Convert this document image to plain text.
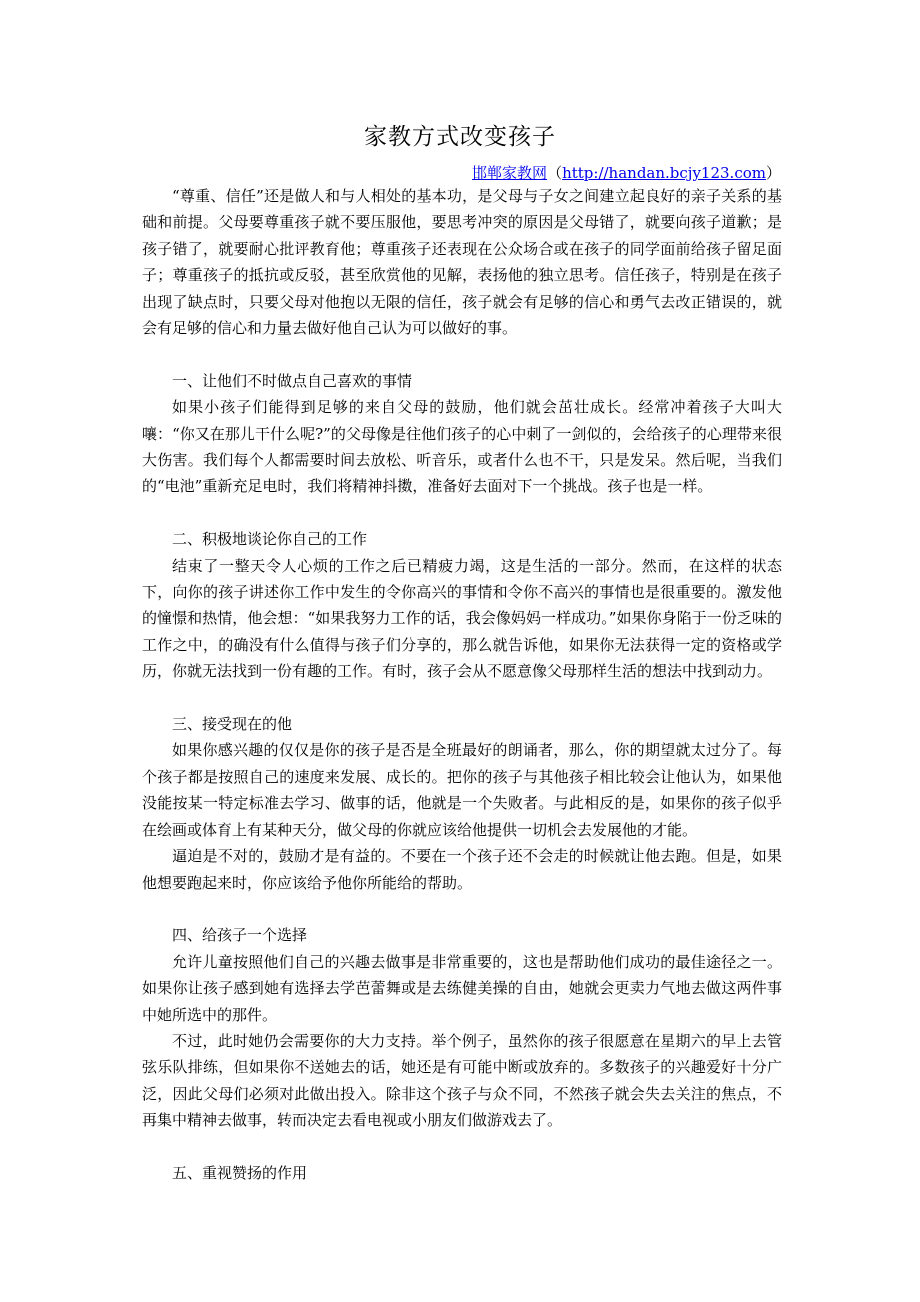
家教方式改变孩子
邯郸家教网（http://handan.bcjy123.com）

“尊重、信任”还是做人和与人相处的基本功，是父母与子女之间建立起良好的亲子关系的基础和前提。父母要尊重孩子就不要压服他，要思考冲突的原因是父母错了，就要向孩子道歉；是孩子错了，就要耐心批评教育他；尊重孩子还表现在公众场合或在孩子的同学面前给孩子留足面子；尊重孩子的抵抗或反驳，甚至欣赏他的见解，表扬他的独立思考。信任孩子，特别是在孩子出现了缺点时，只要父母对他抱以无限的信任，孩子就会有足够的信心和勇气去改正错误的，就会有足够的信心和力量去做好他自己认为可以做好的事。

一、让他们不时做点自己喜欢的事情

如果小孩子们能得到足够的来自父母的鼓励，他们就会茁壮成长。经常冲着孩子大叫大嚷：“你又在那儿干什么呢?”的父母像是往他们孩子的心中刺了一剑似的，会给孩子的心理带来很大伤害。我们每个人都需要时间去放松、听音乐，或者什么也不干，只是发呆。然后呢，当我们的“电池”重新充足电时，我们将精神抖擞，准备好去面对下一个挑战。孩子也是一样。

二、积极地谈论你自己的工作

结束了一整天令人心烦的工作之后已精疲力竭，这是生活的一部分。然而，在这样的状态下，向你的孩子讲述你工作中发生的令你高兴的事情和令你不高兴的事情也是很重要的。激发他的憧憬和热情，他会想：“如果我努力工作的话，我会像妈妈一样成功。”如果你身陷于一份乏味的工作之中，的确没有什么值得与孩子们分享的，那么就告诉他，如果你无法获得一定的资格或学历，你就无法找到一份有趣的工作。有时，孩子会从不愿意像父母那样生活的想法中找到动力。

三、接受现在的他

如果你感兴趣的仅仅是你的孩子是否是全班最好的朗诵者，那么，你的期望就太过分了。每个孩子都是按照自己的速度来发展、成长的。把你的孩子与其他孩子相比较会让他认为，如果他没能按某一特定标准去学习、做事的话，他就是一个失败者。与此相反的是，如果你的孩子似乎在绘画或体育上有某种天分，做父母的你就应该给他提供一切机会去发展他的才能。

逼迫是不对的，鼓励才是有益的。不要在一个孩子还不会走的时候就让他去跑。但是，如果他想要跑起来时，你应该给予他你所能给的帮助。

四、给孩子一个选择

允许儿童按照他们自己的兴趣去做事是非常重要的，这也是帮助他们成功的最佳途径之一。如果你让孩子感到她有选择去学芭蕾舞或是去练健美操的自由，她就会更卖力气地去做这两件事中她所选中的那件。

不过，此时她仍会需要你的大力支持。举个例子，虽然你的孩子很愿意在星期六的早上去管弦乐队排练，但如果你不送她去的话，她还是有可能中断或放弃的。多数孩子的兴趣爱好十分广泛，因此父母们必须对此做出投入。除非这个孩子与众不同，不然孩子就会失去关注的焦点，不再集中精神去做事，转而决定去看电视或小朋友们做游戏去了。

五、重视赞扬的作用
